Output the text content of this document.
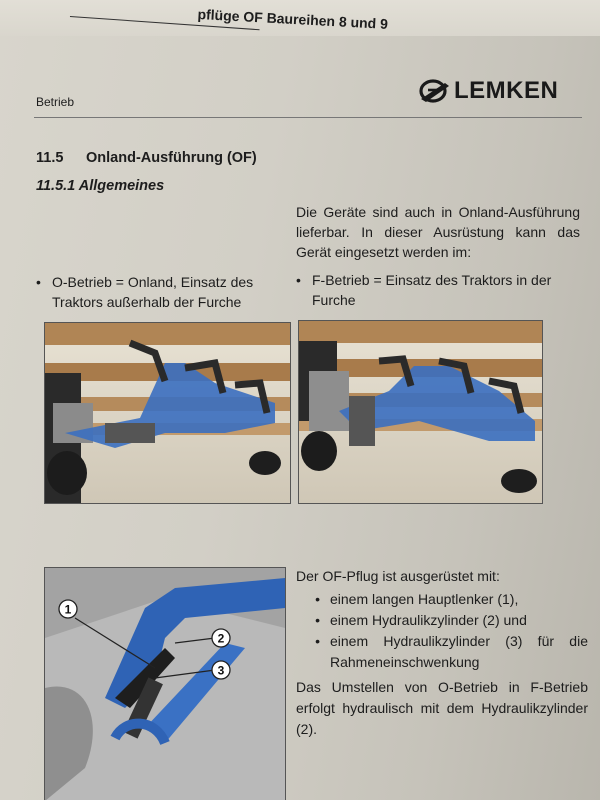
pflüge OF Baureihen 8 und 9
Betrieb	LEMKEN
11.5 Onland-Ausführung (OF)
11.5.1 Allgemeines
Die Geräte sind auch in Onland-Ausführung lieferbar. In dieser Ausrüstung kann das Gerät eingesetzt werden im:
• O-Betrieb = Onland, Einsatz des Traktors außerhalb der Furche
• F-Betrieb = Einsatz des Traktors in der Furche
1
2
3
Der OF-Pflug ist ausgerüstet mit:
• einem langen Hauptlenker (1),
• einem Hydraulikzylinder (2) und
• einem Hydraulikzylinder (3) für die Rahmeneinschwenkung
Das Umstellen von O-Betrieb in F-Betrieb erfolgt hydraulisch mit dem Hydraulikzylinder (2).
